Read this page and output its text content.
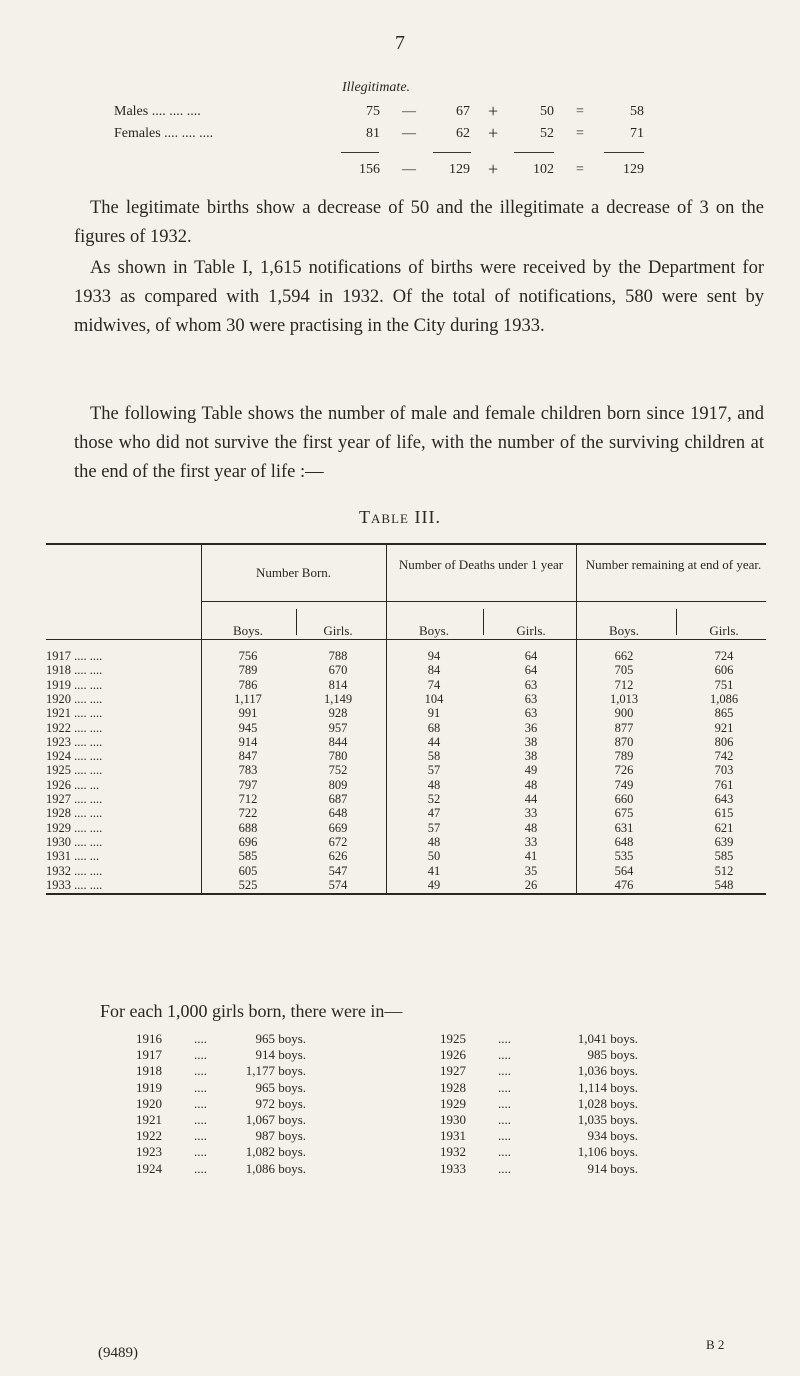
7
Illegitimate.
Males .... .... ....	75 —	67 +	50 =	58
Females .... .... ....	81 —	62 +	52 =	71
156 —	129 +	102 =	129

The legitimate births show a decrease of 50 and the illegitimate a decrease of 3 on the figures of 1932.

As shown in Table I, 1,615 notifications of births were received by the Department for 1933 as compared with 1,594 in 1932. Of the total of notifications, 580 were sent by midwives, of whom 30 were practising in the City during 1933.

The following Table shows the number of male and female children born since 1917, and those who did not survive the first year of life, with the number of the surviving children at the end of the first year of life :—

Table III.
Number Born.
Number of Deaths under 1 year	Number remaining at end of year.
Boys.	Girls.	Boys.	Girls.	Boys.	Girls.
1917 .... ....	756	788	94	64	662	724
1918 .... ....	789	670	84	64	705	606
1919 .... ....	786	814	74	63	712	751
1920 .... ....	1,117	1,149	104	63	1,013	1,086
1921 .... ....	991	928	91	63	900	865
1922 .... ....	945	957	68	36	877	921
1923 .... ....	914	844	44	38	870	806
1924 .... ....	847	780	58	38	789	742
1925 .... ....	783	752	57	49	726	703
1926 .... ...	797	809	48	48	749	761
1927 .... ....	712	687	52	44	660	643
1928 .... ....	722	648	47	33	675	615
1929 .... ....	688	669	57	48	631	621
1930 .... ....	696	672	48	33	648	639
1931 .... ...	585	626	50	41	535	585
1932 .... ....	605	547	41	35	564	512
1933 .... ....	525	574	49	26	476	548
For each 1,000 girls born, there were in—
1916 ....	965 boys.
1917 ....	914 boys.
1918 ....	1,177 boys.
1919 ....	965 boys.
1920 ....	972 boys.
1921 ....	1,067 boys.
1922 ....	987 boys.
1923 ....	1,082 boys.
1924 ....	1,086 boys.
1925 ....	1,041 boys.
1926 ....	985 boys.
1927 ....	1,036 boys.
1928 ....	1,114 boys.
1929 ....	1,028 boys.
1930 ....	1,035 boys.
1931 ....	934 boys.
1932 ....	1,106 boys.
1933 ....	914 boys.
(9489)
B 2
